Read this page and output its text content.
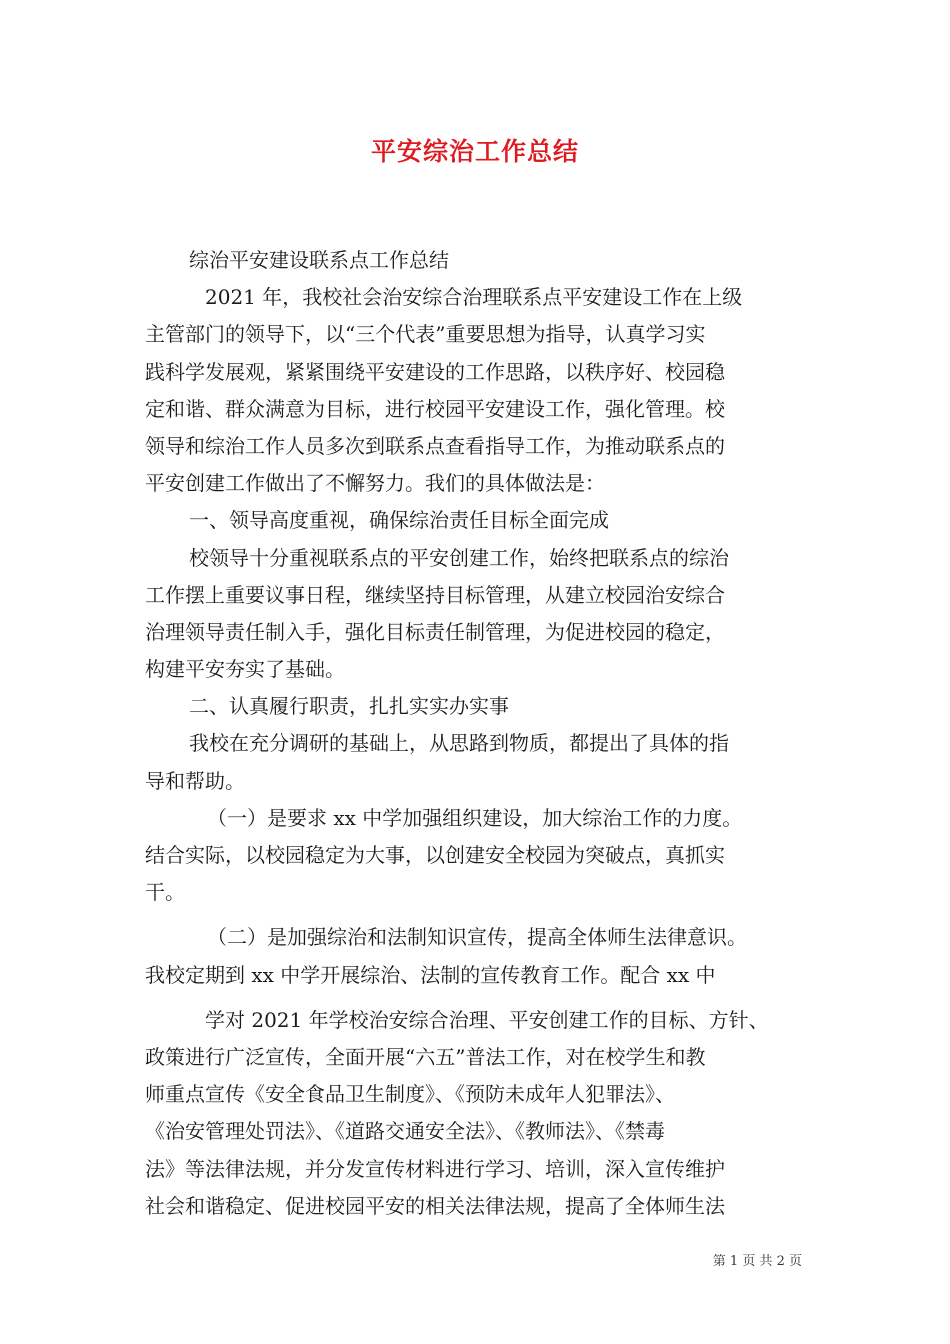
平安综治工作总结
综治平安建设联系点工作总结
2021 年，我校社会治安综合治理联系点平安建设工作在上级
主管部门的领导下，以“三个代表”重要思想为指导，认真学习实
践科学发展观，紧紧围绕平安建设的工作思路，以秩序好、校园稳
定和谐、群众满意为目标，进行校园平安建设工作，强化管理。校
领导和综治工作人员多次到联系点查看指导工作，为推动联系点的
平安创建工作做出了不懈努力。我们的具体做法是：
一、领导高度重视，确保综治责任目标全面完成
校领导十分重视联系点的平安创建工作，始终把联系点的综治
工作摆上重要议事日程，继续坚持目标管理，从建立校园治安综合
治理领导责任制入手，强化目标责任制管理，为促进校园的稳定，
构建平安夯实了基础。
二、认真履行职责，扎扎实实办实事
我校在充分调研的基础上，从思路到物质，都提出了具体的指
导和帮助。
（一）是要求 xx 中学加强组织建设，加大综治工作的力度。
结合实际，以校园稳定为大事，以创建安全校园为突破点，真抓实
干。
（二）是加强综治和法制知识宣传，提高全体师生法律意识。
我校定期到 xx 中学开展综治、法制的宣传教育工作。配合 xx 中
学对 2021 年学校治安综合治理、平安创建工作的目标、方针、
政策进行广泛宣传，全面开展“六五”普法工作，对在校学生和教
师重点宣传《安全食品卫生制度》、《预防未成年人犯罪法》、
《治安管理处罚法》、《道路交通安全法》、《教师法》、《禁毒
法》等法律法规，并分发宣传材料进行学习、培训，深入宣传维护
社会和谐稳定、促进校园平安的相关法律法规，提高了全体师生法
第 1 页 共 2 页
